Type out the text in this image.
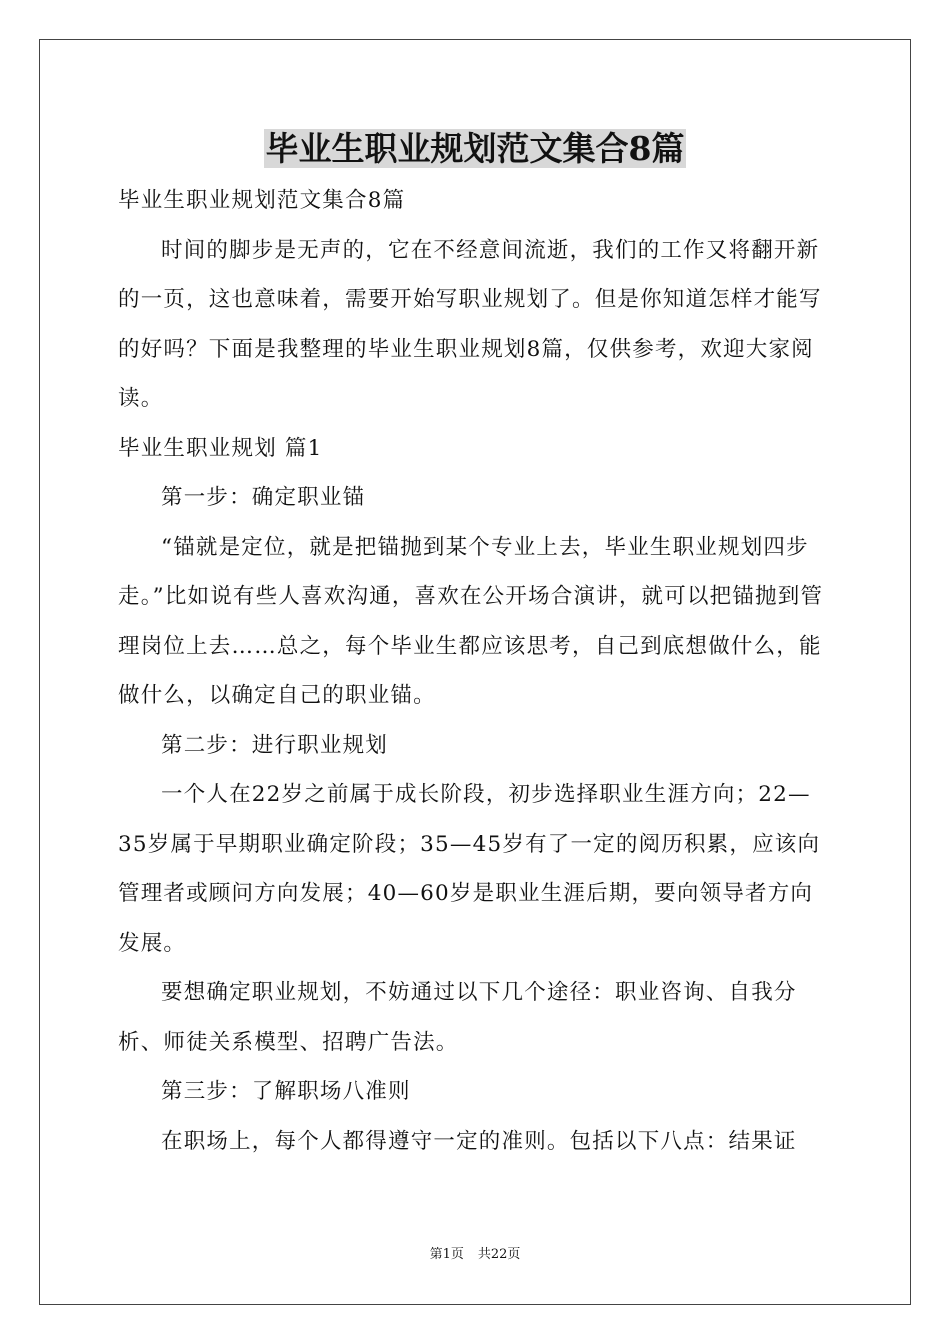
毕业生职业规划范文集合8篇

毕业生职业规划范文集合8篇

时间的脚步是无声的，它在不经意间流逝，我们的工作又将翻开新的一页，这也意味着，需要开始写职业规划了。但是你知道怎样才能写的好吗？下面是我整理的毕业生职业规划8篇，仅供参考，欢迎大家阅读。

毕业生职业规划 篇1

第一步：确定职业锚

“锚就是定位，就是把锚抛到某个专业上去，毕业生职业规划四步走。”比如说有些人喜欢沟通，喜欢在公开场合演讲，就可以把锚抛到管理岗位上去……总之，每个毕业生都应该思考，自己到底想做什么，能做什么，以确定自己的职业锚。

第二步：进行职业规划

一个人在22岁之前属于成长阶段，初步选择职业生涯方向；22—35岁属于早期职业确定阶段；35—45岁有了一定的阅历积累，应该向管理者或顾问方向发展；40—60岁是职业生涯后期，要向领导者方向发展。

要想确定职业规划，不妨通过以下几个途径：职业咨询、自我分析、师徒关系模型、招聘广告法。

第三步：了解职场八准则

在职场上，每个人都得遵守一定的准则。包括以下八点：结果证

第1页 共22页
